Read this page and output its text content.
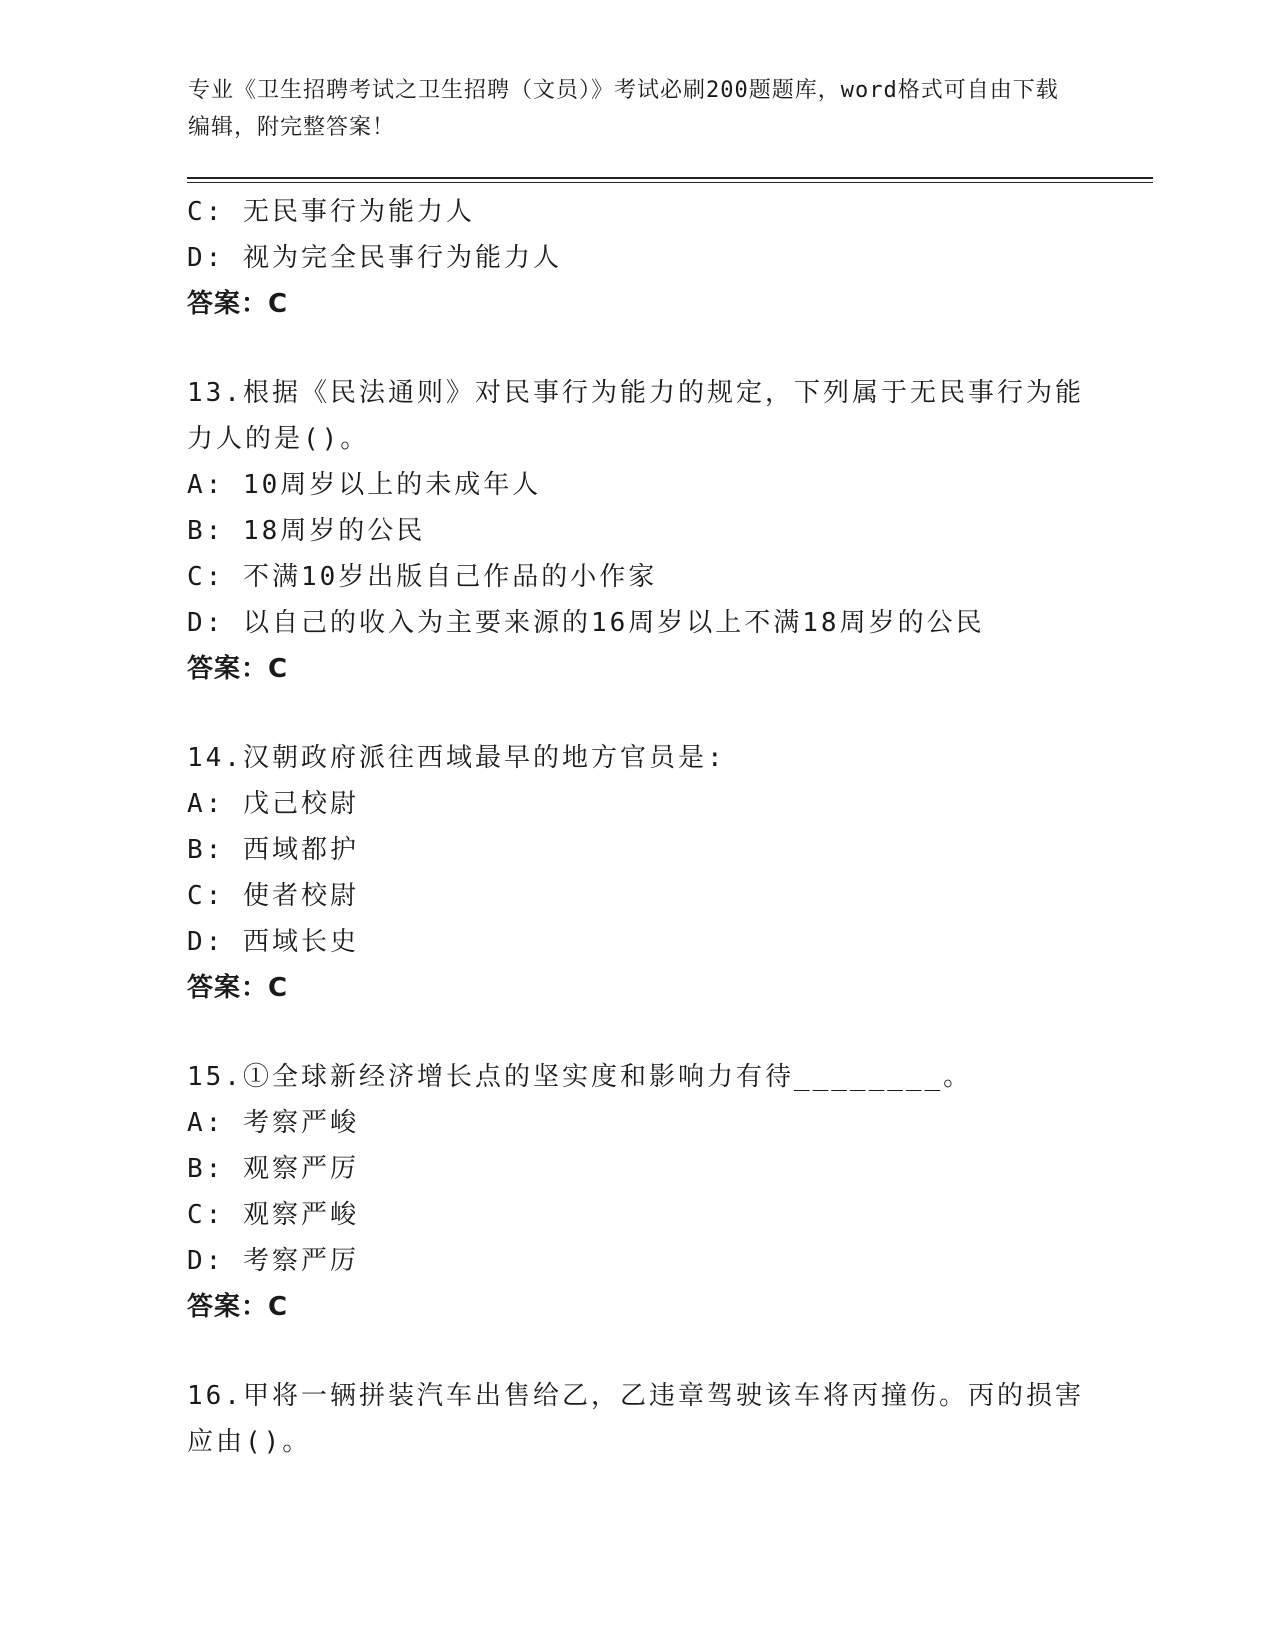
专业《卫生招聘考试之卫生招聘（文员）》考试必刷200题题库，word格式可自由下载编辑，附完整答案！
C: 无民事行为能力人
D: 视为完全民事行为能力人
答案：C
13.根据《民法通则》对民事行为能力的规定，下列属于无民事行为能力人的是()。
A: 10周岁以上的未成年人
B: 18周岁的公民
C: 不满10岁出版自己作品的小作家
D: 以自己的收入为主要来源的16周岁以上不满18周岁的公民
答案：C
14.汉朝政府派往西域最早的地方官员是:
A: 戊己校尉
B: 西域都护
C: 使者校尉
D: 西域长史
答案：C
15.①全球新经济增长点的坚实度和影响力有待________。
A: 考察严峻
B: 观察严厉
C: 观察严峻
D: 考察严厉
答案：C
16.甲将一辆拼装汽车出售给乙，乙违章驾驶该车将丙撞伤。丙的损害应由()。
